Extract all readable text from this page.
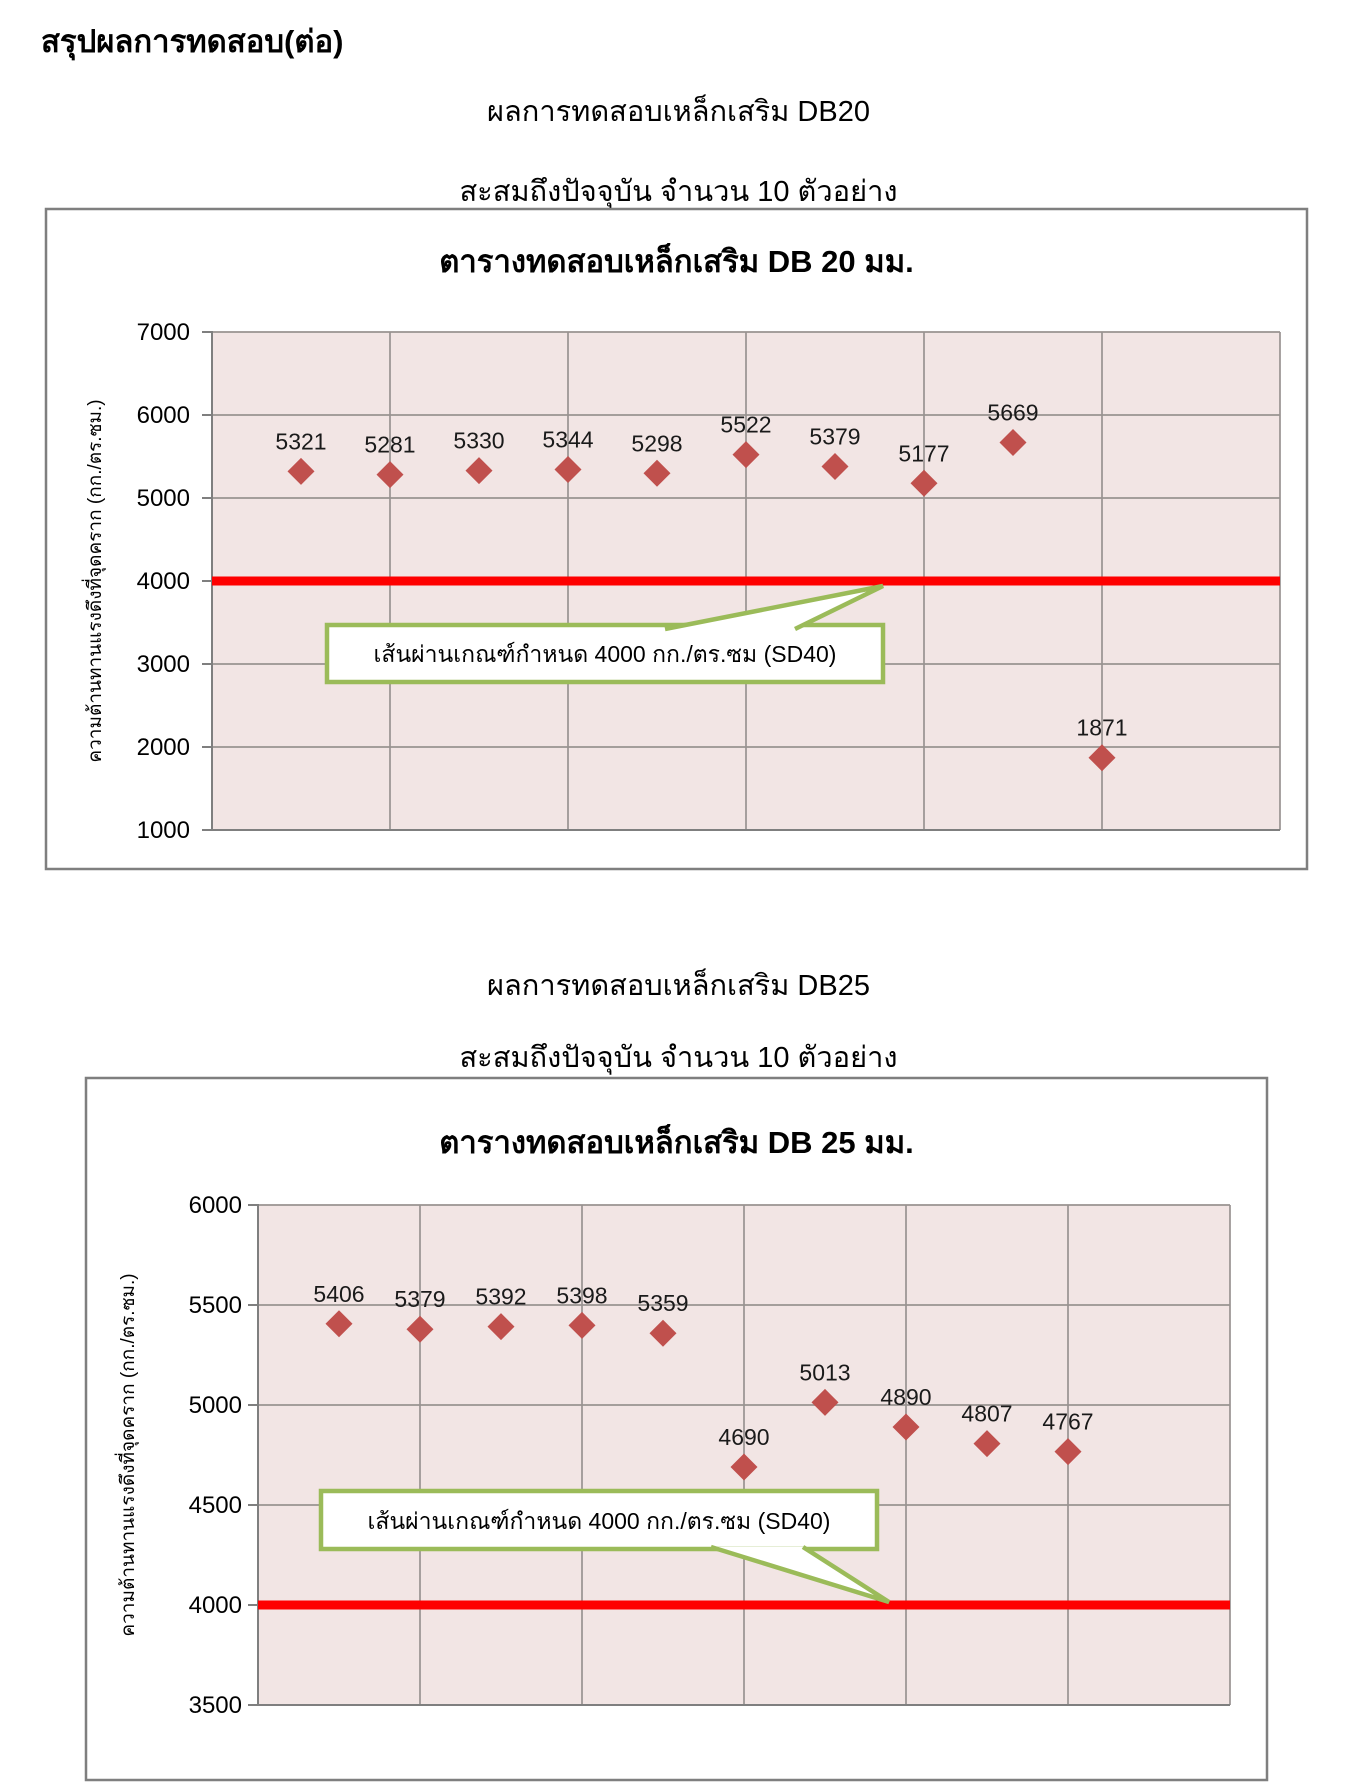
สรุปผลการทดสอบ(ต่อ)
ผลการทดสอบเหล็กเสริม DB20
สะสมถึงปัจจุบัน จำนวน 10 ตัวอย่าง
ผลการทดสอบเหล็กเสริม DB25
สะสมถึงปัจจุบัน จำนวน 10 ตัวอย่าง
ตารางทดสอบเหล็กเสริม DB 20 มม.
1000
2000
3000
4000
5000
6000
7000
ความต้านทานแรงดึงที่จุดคราก (กก./ตร.ซม.)	เส้นผ่านเกณฑ์กำหนด 4000 กก./ตร.ซม (SD40)
5321 5281 5330 5344 5298
5522 5379
5177
5669
1871
ตารางทดสอบเหล็กเสริม DB 25 มม.
3500
4000
4500
5000
5500
6000
ความต้านทานแรงดึงที่จุดคราก (กก./ตร.ซม.)	เส้นผ่านเกณฑ์กำหนด 4000 กก./ตร.ซม (SD40)
5406 5379 5392 5398 5359
4690
5013
4890
4807 4767
